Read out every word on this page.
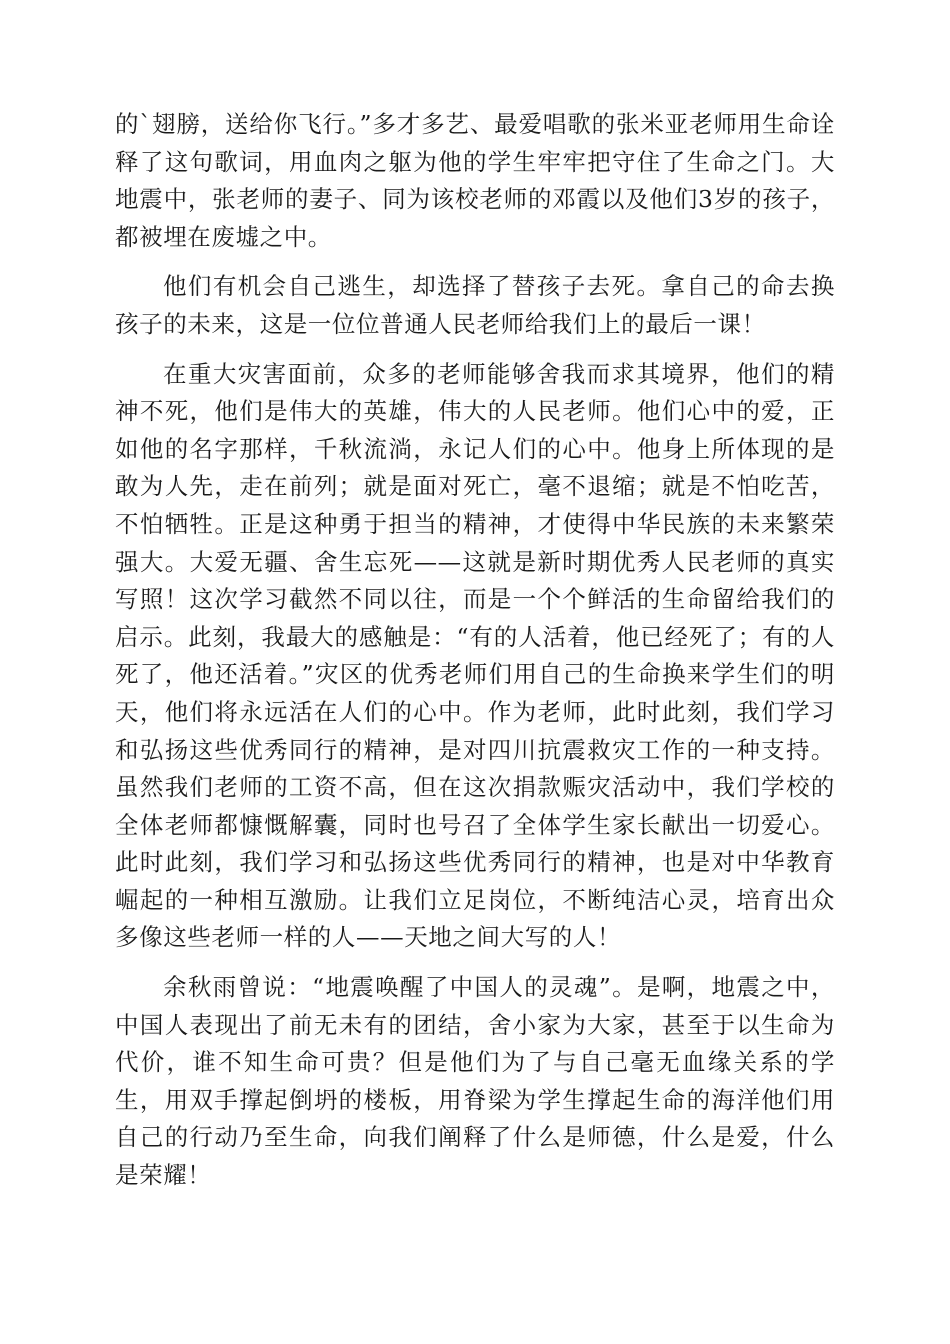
的`翅膀，送给你飞行。”多才多艺、最爱唱歌的张米亚老师用生命诠释了这句歌词，用血肉之躯为他的学生牢牢把守住了生命之门。大地震中，张老师的妻子、同为该校老师的邓霞以及他们3岁的孩子，都被埋在废墟之中。

他们有机会自己逃生，却选择了替孩子去死。拿自己的命去换孩子的未来，这是一位位普通人民老师给我们上的最后一课！

在重大灾害面前，众多的老师能够舍我而求其境界，他们的精神不死，他们是伟大的英雄，伟大的人民老师。他们心中的爱，正如他的名字那样，千秋流淌，永记人们的心中。他身上所体现的是敢为人先，走在前列；就是面对死亡，毫不退缩；就是不怕吃苦，不怕牺牲。正是这种勇于担当的精神，才使得中华民族的未来繁荣强大。大爱无疆、舍生忘死——这就是新时期优秀人民老师的真实写照！这次学习截然不同以往，而是一个个鲜活的生命留给我们的启示。此刻，我最大的感触是：“有的人活着，他已经死了；有的人死了，他还活着。”灾区的优秀老师们用自己的生命换来学生们的明天，他们将永远活在人们的心中。作为老师，此时此刻，我们学习和弘扬这些优秀同行的精神，是对四川抗震救灾工作的一种支持。虽然我们老师的工资不高，但在这次捐款赈灾活动中，我们学校的全体老师都慷慨解囊，同时也号召了全体学生家长献出一切爱心。此时此刻，我们学习和弘扬这些优秀同行的精神，也是对中华教育崛起的一种相互激励。让我们立足岗位，不断纯洁心灵，培育出众多像这些老师一样的人——天地之间大写的人！

余秋雨曾说：“地震唤醒了中国人的灵魂”。是啊，地震之中，中国人表现出了前无未有的团结，舍小家为大家，甚至于以生命为代价，谁不知生命可贵？但是他们为了与自己毫无血缘关系的学生，用双手撑起倒坍的楼板，用脊梁为学生撑起生命的海洋他们用自己的行动乃至生命，向我们阐释了什么是师德，什么是爱，什么是荣耀！
